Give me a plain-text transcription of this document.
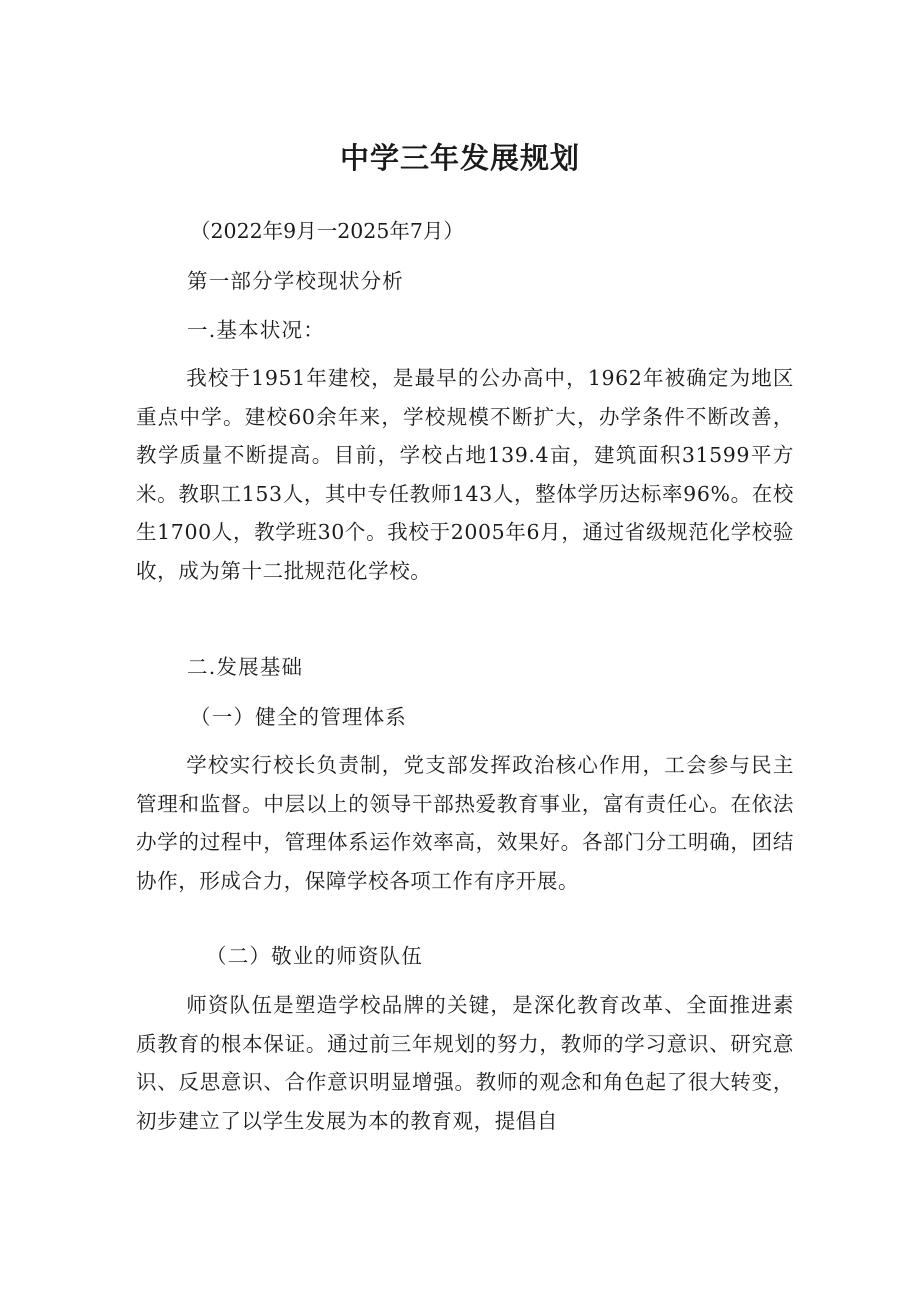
中学三年发展规划
（2022年9月一2025年7月）
第一部分学校现状分析
一.基本状况：
我校于1951年建校，是最早的公办高中，1962年被确定为地区重点中学。建校60余年来，学校规模不断扩大，办学条件不断改善，教学质量不断提高。目前，学校占地139.4亩，建筑面积31599平方米。教职工153人，其中专任教师143人，整体学历达标率96%。在校生1700人，教学班30个。我校于2005年6月，通过省级规范化学校验收，成为第十二批规范化学校。
二.发展基础
（一）健全的管理体系
学校实行校长负责制，党支部发挥政治核心作用，工会参与民主管理和监督。中层以上的领导干部热爱教育事业，富有责任心。在依法办学的过程中，管理体系运作效率高，效果好。各部门分工明确，团结协作，形成合力，保障学校各项工作有序开展。
（二）敬业的师资队伍
师资队伍是塑造学校品牌的关键，是深化教育改革、全面推进素质教育的根本保证。通过前三年规划的努力，教师的学习意识、研究意识、反思意识、合作意识明显增强。教师的观念和角色起了很大转变，初步建立了以学生发展为本的教育观，提倡自
